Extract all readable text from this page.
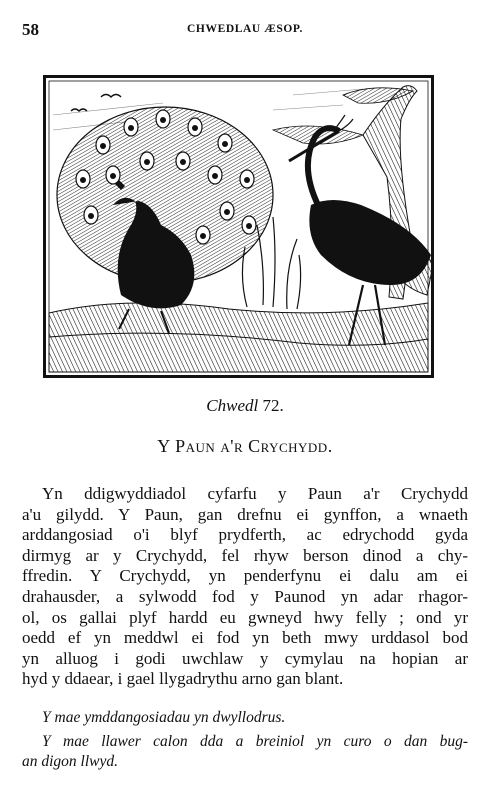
58	CHWEDLAU ÆSOP.
Chwedl 72.
Y Paun a'r Crychydd.
Yn ddigwyddiadol cyfarfu y Paun a'r Crychydd
a'u gilydd. Y Paun, gan drefnu ei gynffon, a wnaeth
arddangosiad o'i blyf prydferth, ac edrychodd gyda
dirmyg ar y Crychydd, fel rhyw berson dinod a chy-
ffredin. Y Crychydd, yn penderfynu ei dalu am ei
drahausder, a sylwodd fod y Paunod yn adar rhagor-
ol, os gallai plyf hardd eu gwneyd hwy felly ; ond yr
oedd ef yn meddwl ei fod yn beth mwy urddasol bod
yn alluog i godi uwchlaw y cymylau na hopian ar
hyd y ddaear, i gael llygadrythu arno gan blant.
Y mae ymddangosiadau yn dwyllodrus.
Y mae llawer calon dda a breiniol yn curo o dan bug-
an digon llwyd.
